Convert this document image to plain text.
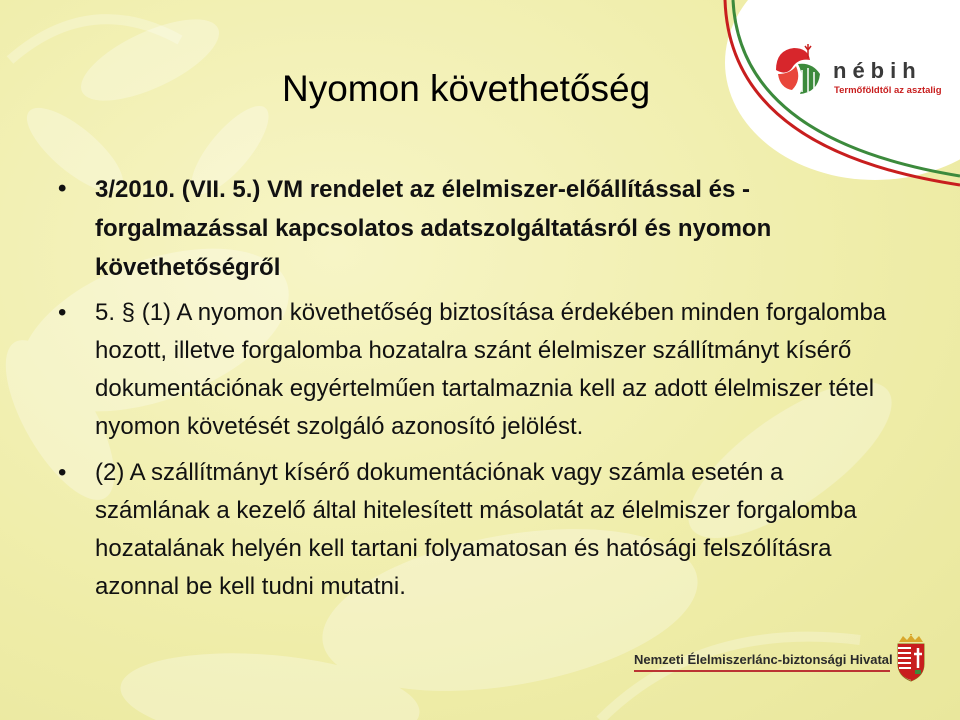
nébih
Termőföldtől az asztalig
Nyomon követhetőség
• 3/2010. (VII. 5.) VM rendelet az élelmiszer-előállítással és -forgalmazással kapcsolatos adatszolgáltatásról és nyomon követhetőségről
• 5. § (1) A nyomon követhetőség biztosítása érdekében minden forgalomba hozott, illetve forgalomba hozatalra szánt élelmiszer szállítmányt kísérő dokumentációnak egyértelműen tartalmaznia kell az adott élelmiszer tétel nyomon követését szolgáló azonosító jelölést.
• (2) A szállítmányt kísérő dokumentációnak vagy számla esetén a számlának a kezelő által hitelesített másolatát az élelmiszer forgalomba hozatalának helyén kell tartani folyamatosan és hatósági felszólításra azonnal be kell tudni mutatni.
Nemzeti Élelmiszerlánc-biztonsági Hivatal
